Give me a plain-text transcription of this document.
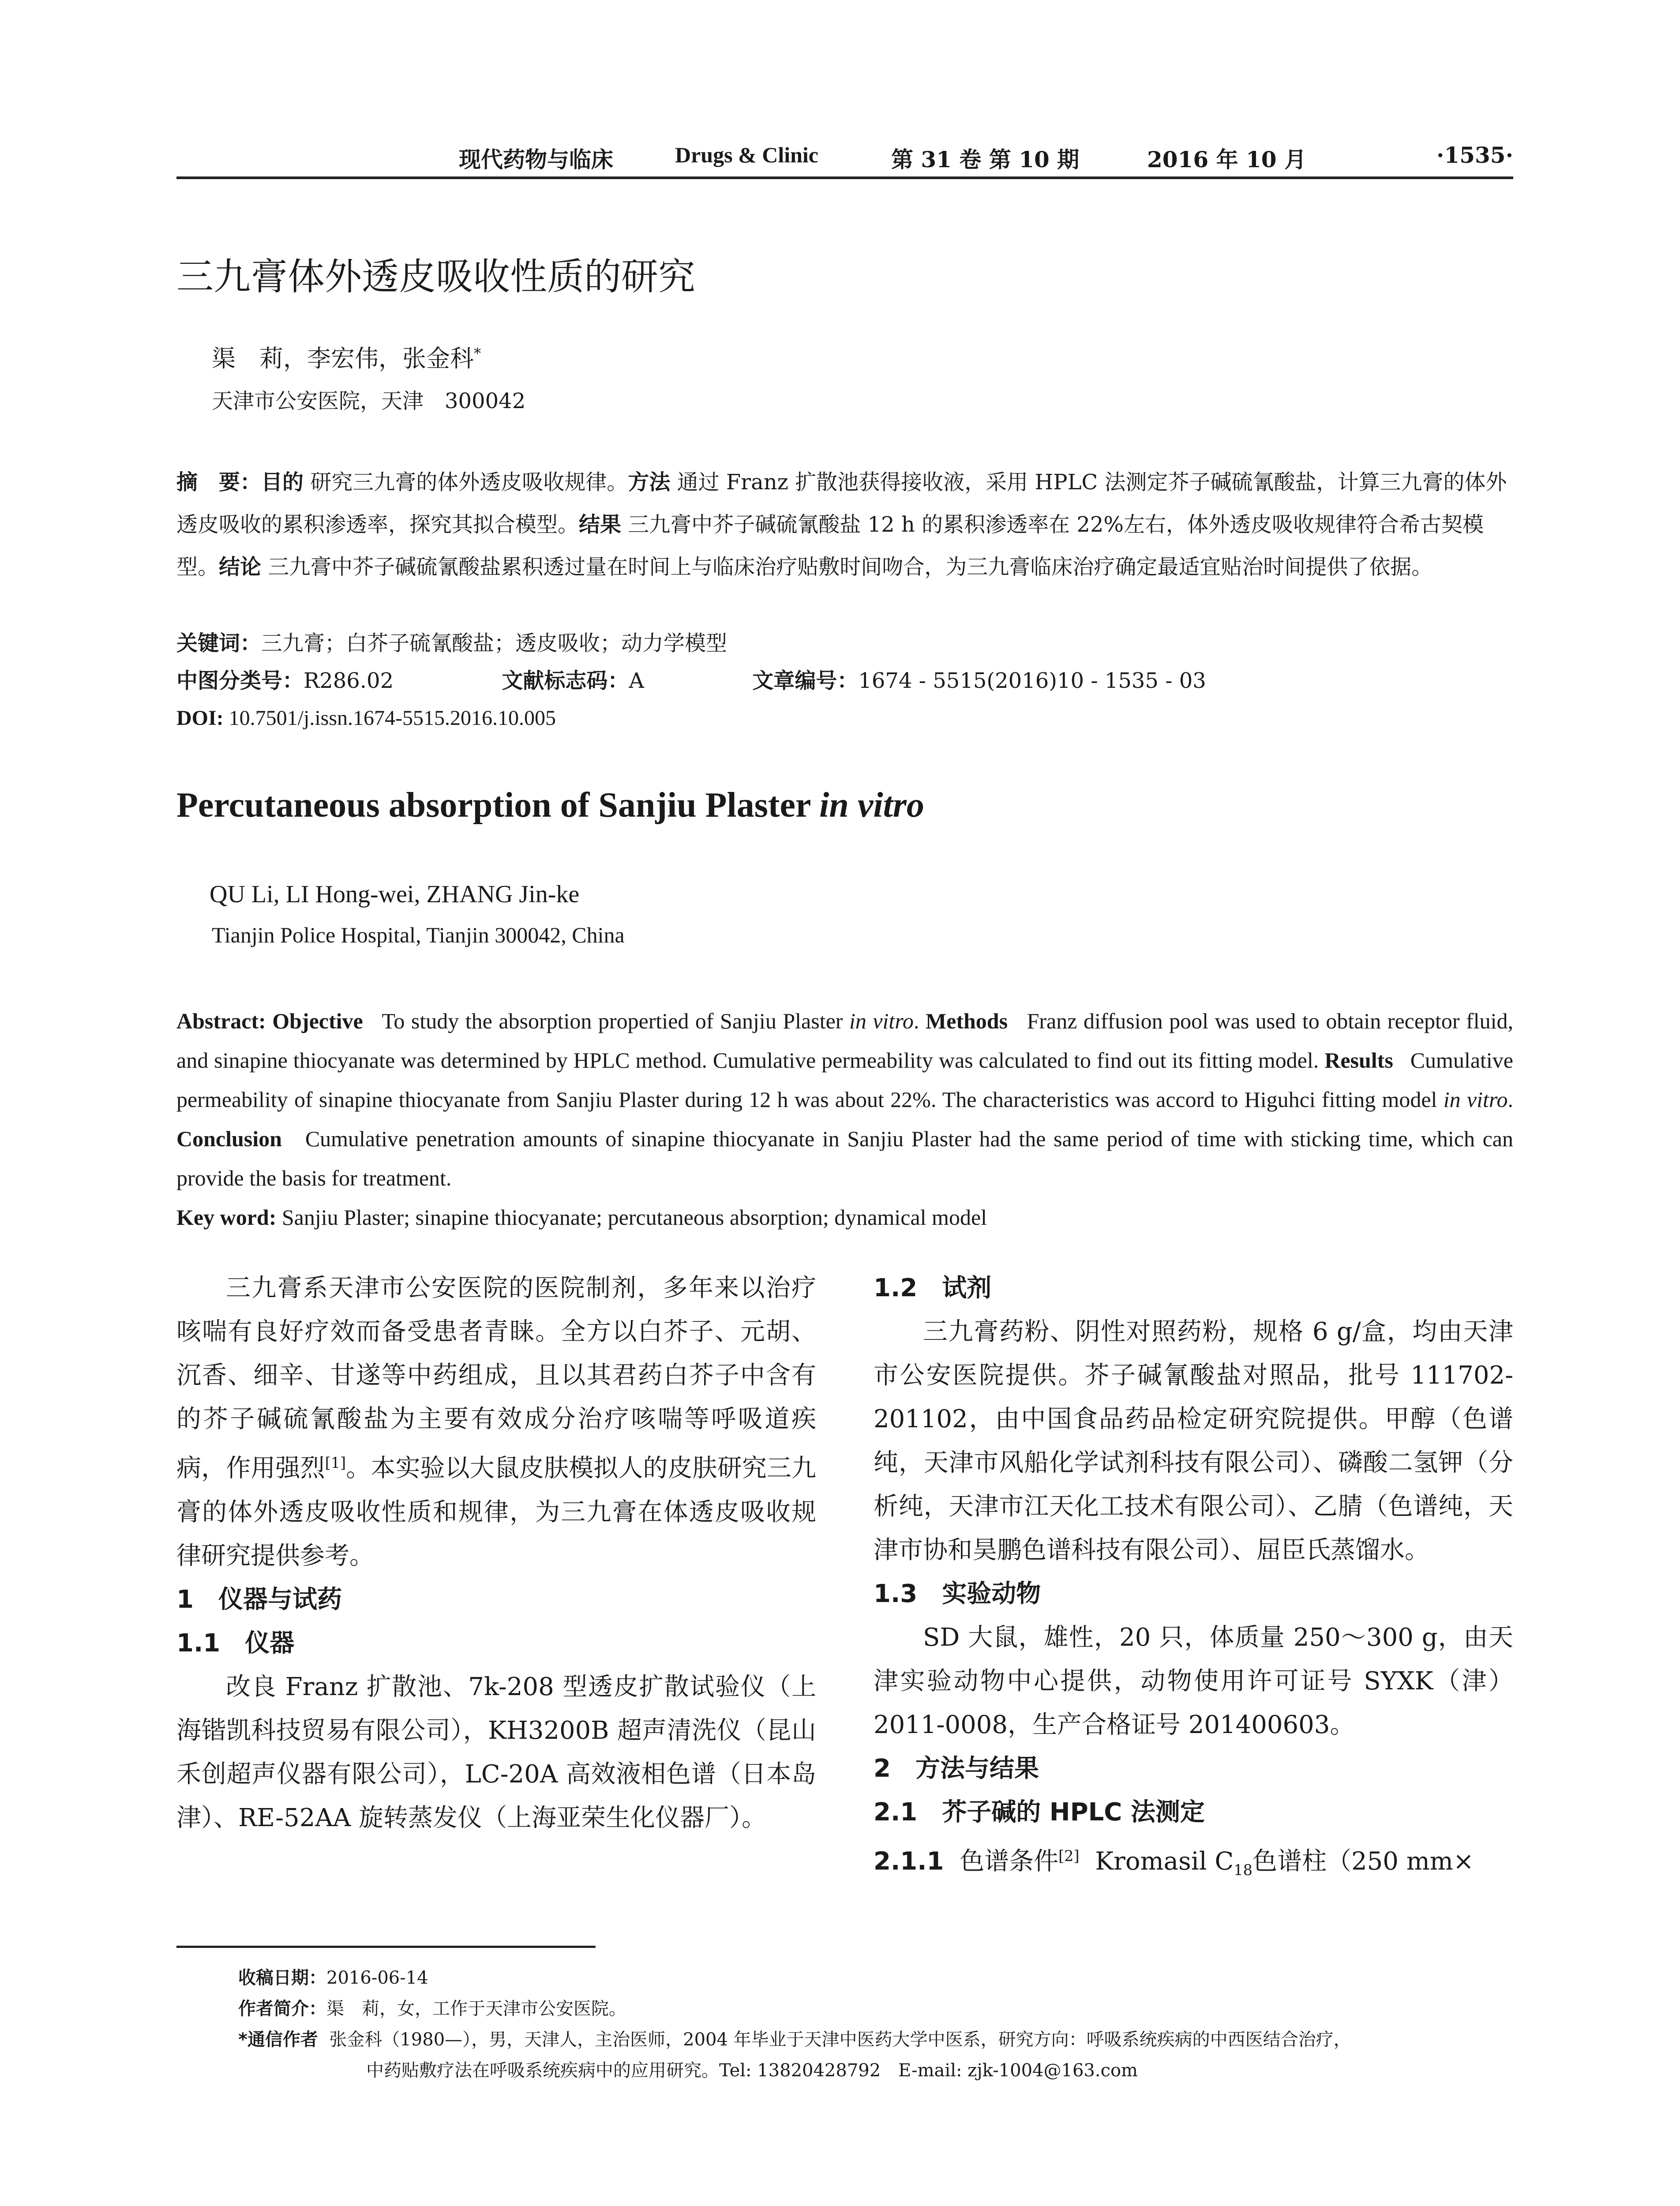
现代药物与临床	Drugs & Clinic	第 31 卷 第 10 期	2016 年 10 月	·1535·
三九膏体外透皮吸收性质的研究
渠　莉，李宏伟，张金科*
天津市公安医院，天津　300042
摘　要：目的 研究三九膏的体外透皮吸收规律。方法 通过 Franz 扩散池获得接收液，采用 HPLC 法测定芥子碱硫氰酸盐，计算三九膏的体外透皮吸收的累积渗透率，探究其拟合模型。结果 三九膏中芥子碱硫氰酸盐 12 h 的累积渗透率在 22%左右，体外透皮吸收规律符合希古契模型。结论 三九膏中芥子碱硫氰酸盐累积透过量在时间上与临床治疗贴敷时间吻合，为三九膏临床治疗确定最适宜贴治时间提供了依据。
关键词：三九膏；白芥子硫氰酸盐；透皮吸收；动力学模型
中图分类号：R286.02	文献标志码：A	文章编号：1674 - 5515(2016)10 - 1535 - 03
DOI: 10.7501/j.issn.1674-5515.2016.10.005
Percutaneous absorption of Sanjiu Plaster in vitro
QU Li, LI Hong-wei, ZHANG Jin-ke
Tianjin Police Hospital, Tianjin 300042, China
Abstract: Objective To study the absorption propertied of Sanjiu Plaster in vitro. Methods Franz diffusion pool was used to obtain receptor fluid, and sinapine thiocyanate was determined by HPLC method. Cumulative permeability was calculated to find out its fitting model. Results Cumulative permeability of sinapine thiocyanate from Sanjiu Plaster during 12 h was about 22%. The characteristics was accord to Higuhci fitting model in vitro. Conclusion Cumulative penetration amounts of sinapine thiocyanate in Sanjiu Plaster had the same period of time with sticking time, which can provide the basis for treatment.
Key word: Sanjiu Plaster; sinapine thiocyanate; percutaneous absorption; dynamical model

三九膏系天津市公安医院的医院制剂，多年来以治疗咳喘有良好疗效而备受患者青睐。全方以白芥子、元胡、沉香、细辛、甘遂等中药组成，且以其君药白芥子中含有的芥子碱硫氰酸盐为主要有效成分治疗咳喘等呼吸道疾病，作用强烈[1]。本实验以大鼠皮肤模拟人的皮肤研究三九膏的体外透皮吸收性质和规律，为三九膏在体透皮吸收规律研究提供参考。

1　仪器与试药

1.1　仪器

改良 Franz 扩散池、7k-208 型透皮扩散试验仪（上海锴凯科技贸易有限公司），KH3200B 超声清洗仪（昆山禾创超声仪器有限公司），LC-20A 高效液相色谱（日本岛津）、RE-52AA 旋转蒸发仪（上海亚荣生化仪器厂）。

1.2　试剂

三九膏药粉、阴性对照药粉，规格 6 g/盒，均由天津市公安医院提供。芥子碱氰酸盐对照品，批号 111702-201102，由中国食品药品检定研究院提供。甲醇（色谱纯，天津市风船化学试剂科技有限公司）、磷酸二氢钾（分析纯，天津市江天化工技术有限公司）、乙腈（色谱纯，天津市协和昊鹏色谱科技有限公司）、屈臣氏蒸馏水。

1.3　实验动物

SD 大鼠，雄性，20 只，体质量 250～300 g，由天津实验动物中心提供，动物使用许可证号 SYXK（津）2011-0008，生产合格证号 201400603。

2　方法与结果

2.1　芥子碱的 HPLC 法测定

2.1.1 色谱条件[2] Kromasil $C_{18}$色谱柱（250 mm×

收稿日期：2016-06-14
作者简介：渠　莉，女，工作于天津市公安医院。
*通信作者 张金科（1980—），男，天津人，主治医师，2004 年毕业于天津中医药大学中医系，研究方向：呼吸系统疾病的中西医结合治疗，
中药贴敷疗法在呼吸系统疾病中的应用研究。Tel: 13820428792　E-mail: zjk-1004@163.com
